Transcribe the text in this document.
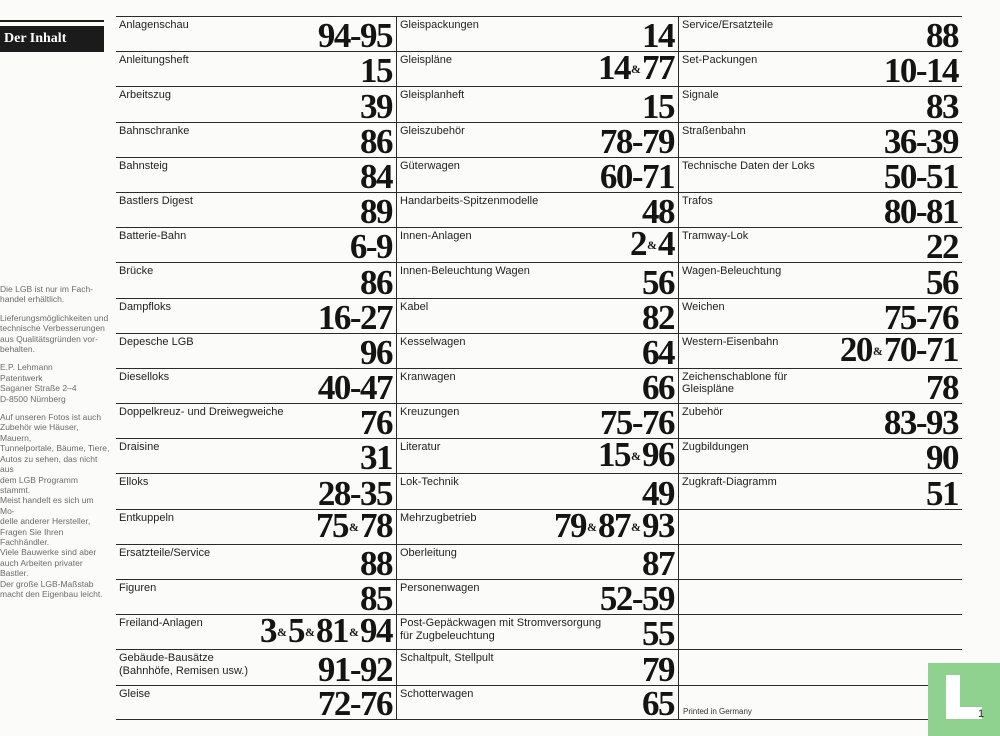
Der Inhalt

Die LGB ist nur im Fach-
handel erhältlich.

Lieferungsmöglichkeiten und
technische Verbesserungen
aus Qualitätsgründen vor-
behalten.

E.P. Lehmann
Patentwerk
Saganer Straße 2–4
D-8500 Nürnberg

Auf unseren Fotos ist auch
Zubehör wie Häuser, Mauern,
Tunnelportale, Bäume, Tiere,
Autos zu sehen, das nicht aus
dem LGB Programm stammt.
Meist handelt es sich um Mo-
delle anderer Hersteller,
Fragen Sie Ihren Fachhändler.
Viele Bauwerke sind aber
auch Arbeiten privater Bastler.
Der große LGB-Maßstab
macht den Eigenbau leicht.

Anlagenschau	94-95
Anleitungsheft	15
Arbeitszug	39
Bahnschranke	86
Bahnsteig	84
Bastlers Digest	89
Batterie-Bahn	6-9
Brücke	86
Dampfloks	16-27
Depesche LGB	96
Dieselloks	40-47
Doppelkreuz- und Dreiwegweiche 76
Draisine	31
Elloks	28-35
Entkuppeln	75&78
Ersatzteile/Service	88
Figuren	85
Freiland-Anlagen 3&5&81&94
Gebäude-Bausätze
(Bahnhöfe, Remisen usw.) 91-92
Gleise	72-76
Gleispackungen	14
Gleispläne	14&77
Gleisplanheft	15
Gleiszubehör	78-79
Güterwagen	60-71
Handarbeits-Spitzenmodelle	48
Innen-Anlagen	2&4
Innen-Beleuchtung Wagen	56
Kabel	82
Kesselwagen	64
Kranwagen	66
Kreuzungen	75-76
Literatur	15&96
Lok-Technik	49
Mehrzugbetrieb 79&87&93
Oberleitung	87
Personenwagen	52-59
Post-Gepäckwagen mit Stromversorgung
für Zugbeleuchtung	55
Schaltpult, Stellpult	79
Schotterwagen	65
Service/Ersatzteile	88
Set-Packungen	10-14
Signale	83
Straßenbahn	36-39
Technische Daten der Loks 50-51
Trafos	80-81
Tramway-Lok	22
Wagen-Beleuchtung	56
Weichen	75-76
Western-Eisenbahn 20&70-71
Zeichenschablone für
Gleispläne	78
Zubehör	83-93
Zugbildungen	90
Zugkraft-Diagramm	51
Printed in Germany	1
